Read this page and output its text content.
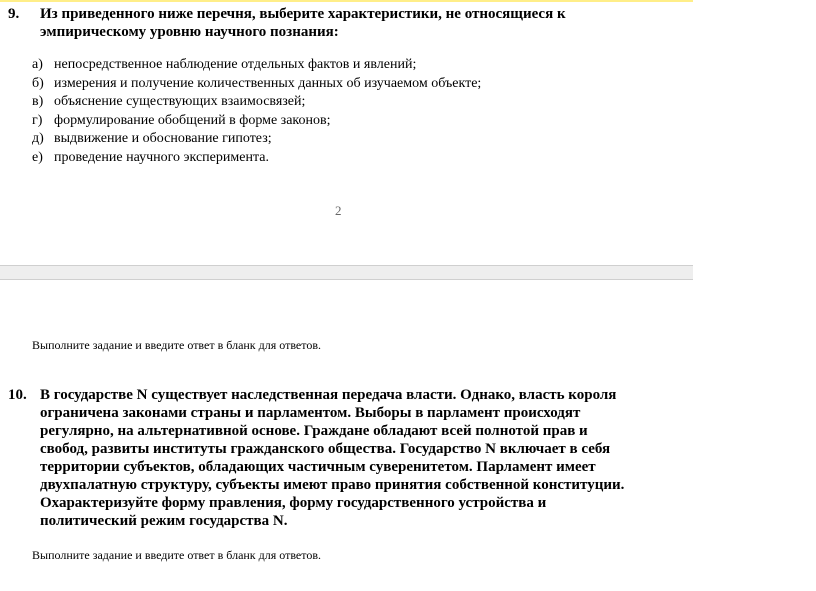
9. Из приведенного ниже перечня, выберите характеристики, не относящиеся к
эмпирическому уровню научного познания:
а) непосредственное наблюдение отдельных фактов и явлений;
б) измерения и получение количественных данных об изучаемом объекте;
в) объяснение существующих взаимосвязей;
г) формулирование обобщений в форме законов;
д) выдвижение и обоснование гипотез;
е) проведение научного эксперимента.
2
Выполните задание и введите ответ в бланк для ответов.
10. В государстве N существует наследственная передача власти. Однако, власть короля
ограничена законами страны и парламентом. Выборы в парламент происходят
регулярно, на альтернативной основе. Граждане обладают всей полнотой прав и
свобод, развиты институты гражданского общества. Государство N включает в себя
территории субъектов, обладающих частичным суверенитетом. Парламент имеет
двухпалатную структуру, субъекты имеют право принятия собственной конституции.
Охарактеризуйте форму правления, форму государственного устройства и
политический режим государства N.
Выполните задание и введите ответ в бланк для ответов.
